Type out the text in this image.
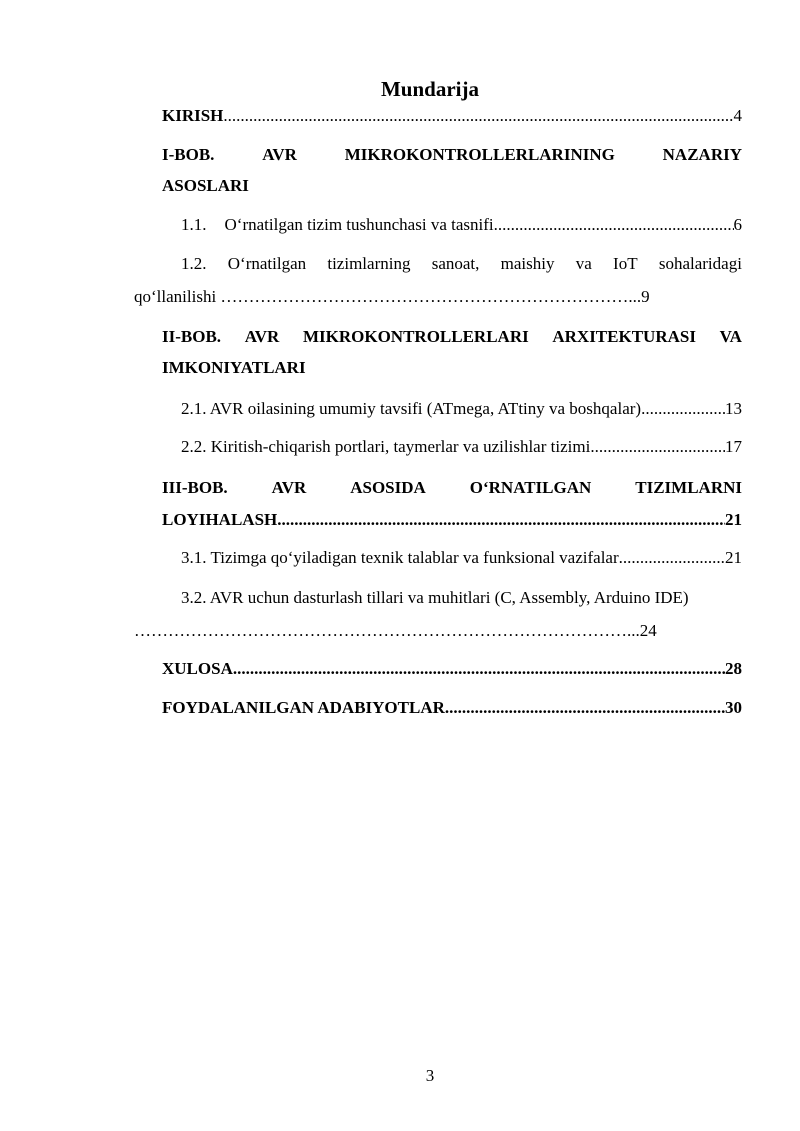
Mundarija
KIRISH .....	4
I-BOB.	AVR	MIKROKONTROLLERLARINING	NAZARIY
ASOSLARI
1.1. O‘rnatilgan tizim tushunchasi va tasnifi .....	6
1.2. O‘rnatilgan tizimlarning sanoat, maishiy va IoT sohalaridagi
qo‘llanilishi ………………………………………………………………...9
II-BOB. AVR MIKROKONTROLLERLARI ARXITEKTURASI VA
IMKONIYATLARI
2.1. AVR oilasining umumiy tavsifi (ATmega, ATtiny va boshqalar) .....	13
2.2. Kiritish-chiqarish portlari, taymerlar va uzilishlar tizimi .....	17
III-BOB.	AVR	ASOSIDA	O‘RNATILGAN	TIZIMLARNI
LOYIHALASH .....	21
3.1. Tizimga qo‘yiladigan texnik talablar va funksional vazifalar .....	21
3.2. AVR uchun dasturlash tillari va muhitlari (C, Assembly, Arduino IDE)
……………………………………………………………………………...24
XULOSA .....	28
FOYDALANILGAN ADABIYOTLAR .....	30
3
